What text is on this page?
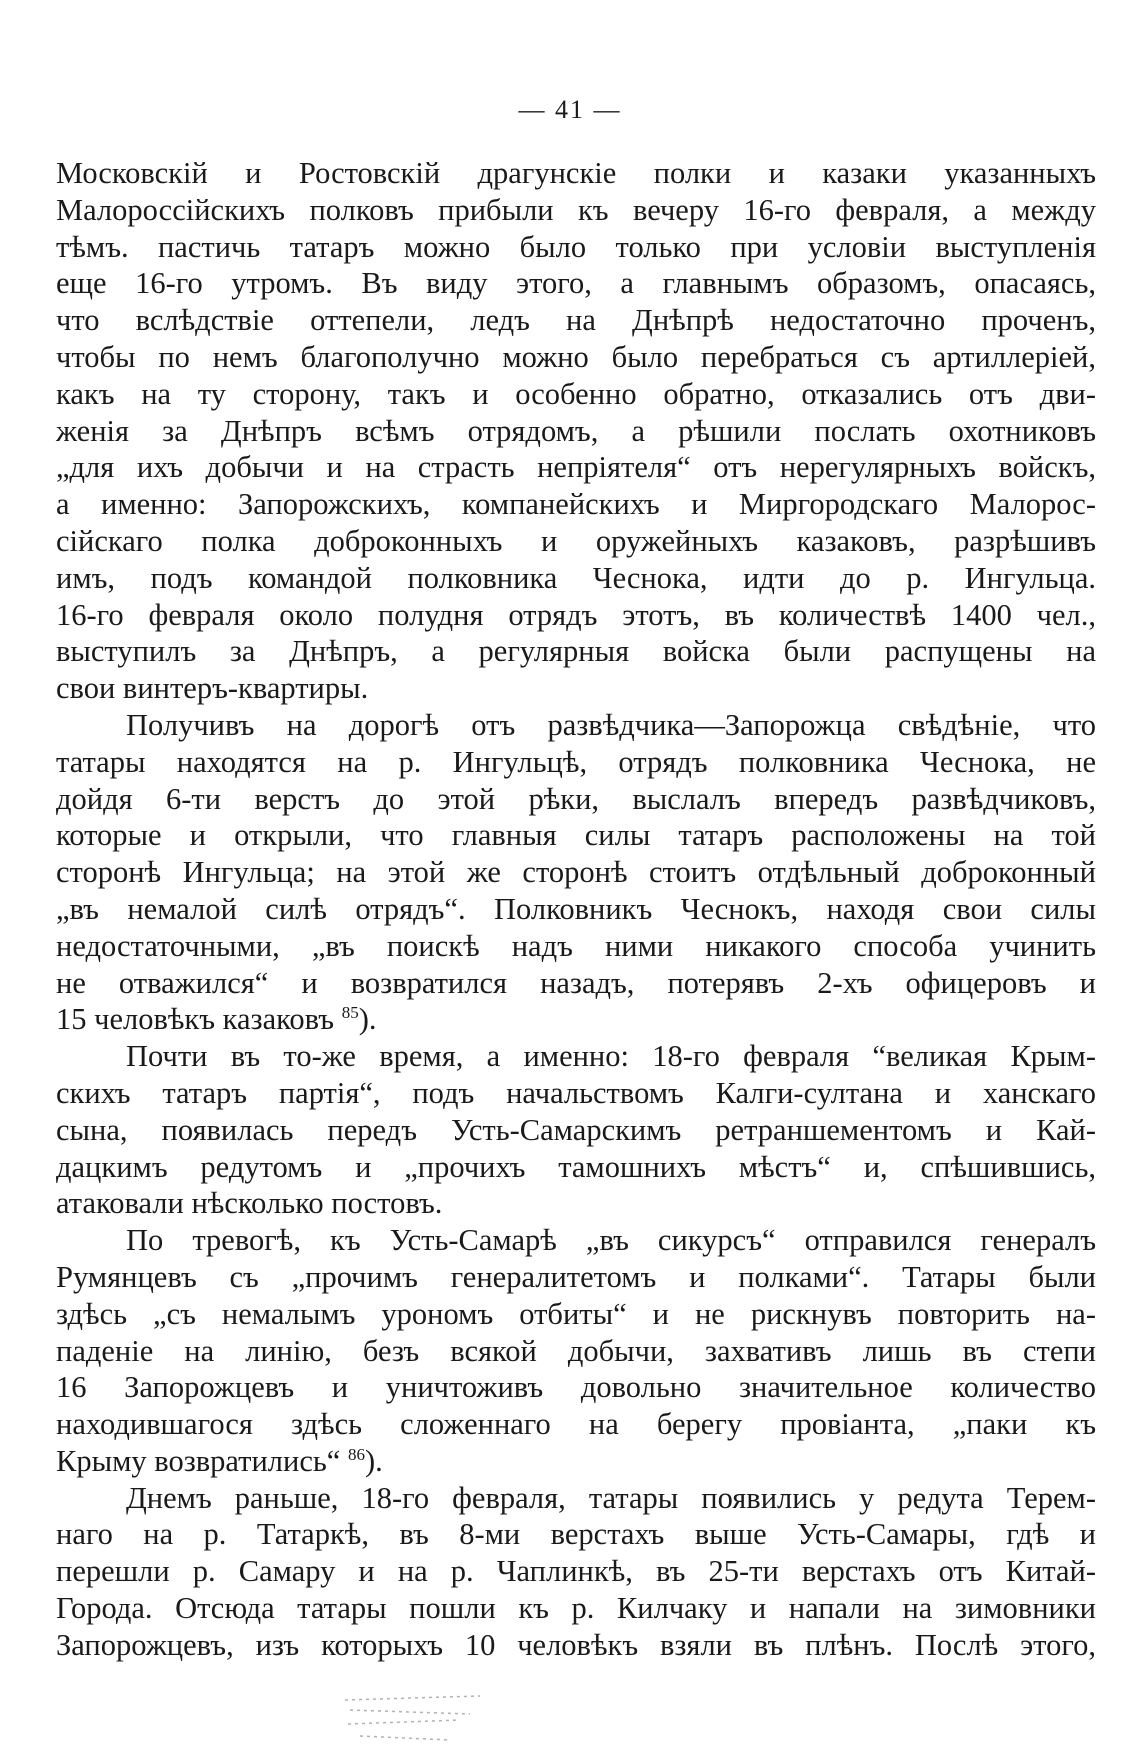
— 41 —
Московскій и Ростовскій драгунскіе полки и казаки указанныхъ
Малороссійскихъ полковъ прибыли къ вечеру 16-го февраля, а между
тѣмъ. пастичь татаръ можно было только при условіи выступленія
еще 16-го утромъ. Въ виду этого, а главнымъ образомъ, опасаясь,
что вслѣдствіе оттепели, ледъ на Днѣпрѣ недостаточно проченъ,
чтобы по немъ благополучно можно было перебраться съ артиллеріей,
какъ на ту сторону, такъ и особенно обратно, отказались отъ дви-
женія за Днѣпръ всѣмъ отрядомъ, а рѣшили послать охотниковъ
„для ихъ добычи и на страсть непріятеля“ отъ нерегулярныхъ войскъ,
а именно: Запорожскихъ, компанейскихъ и Миргородскаго Малорос-
сійскаго полка доброконныхъ и оружейныхъ казаковъ, разрѣшивъ
имъ, подъ командой полковника Чеснока, идти до р. Ингульца.
16-го февраля около полудня отрядъ этотъ, въ количествѣ 1400 чел.,
выступилъ за Днѣпръ, а регулярныя войска были распущены на
свои винтеръ-квартиры.
Получивъ на дорогѣ отъ развѣдчика—Запорожца свѣдѣніе, что
татары находятся на р. Ингульцѣ, отрядъ полковника Чеснока, не
дойдя 6-ти верстъ до этой рѣки, выслалъ впередъ развѣдчиковъ,
которые и открыли, что главныя силы татаръ расположены на той
сторонѣ Ингульца; на этой же сторонѣ стоитъ отдѣльный доброконный
„въ немалой силѣ отрядъ“. Полковникъ Чеснокъ, находя свои силы
недостаточными, „въ поискѣ надъ ними никакого способа учинить
не отважился“ и возвратился назадъ, потерявъ 2-хъ офицеровъ и
15 человѣкъ казаковъ $^{85}$).
Почти въ то-же время, а именно: 18-го февраля “великая Крым-
скихъ татаръ партія“, подъ начальствомъ Калги-султана и ханскаго
сына, появилась передъ Усть-Самарскимъ ретраншементомъ и Кай-
дацкимъ редутомъ и „прочихъ тамошнихъ мѣстъ“ и, спѣшившись,
атаковали нѣсколько постовъ.
По тревогѣ, къ Усть-Самарѣ „въ сикурсъ“ отправился генералъ
Румянцевъ съ „прочимъ генералитетомъ и полками“. Татары были
здѣсь „съ немалымъ урономъ отбиты“ и не рискнувъ повторить на-
паденіе на линію, безъ всякой добычи, захвативъ лишь въ степи
16 Запорожцевъ и уничтоживъ довольно значительное количество
находившагося здѣсь сложеннаго на берегу провіанта, „паки къ
Крыму возвратились“ $^{86}$).
Днемъ раньше, 18-го февраля, татары появились у редута Терем-
наго на р. Татаркѣ, въ 8-ми верстахъ выше Усть-Самары, гдѣ и
перешли р. Самару и на р. Чаплинкѣ, въ 25-ти верстахъ отъ Китай-
Города. Отсюда татары пошли къ р. Килчаку и напали на зимовники
Запорожцевъ, изъ которыхъ 10 человѣкъ взяли въ плѣнъ. Послѣ этого,
